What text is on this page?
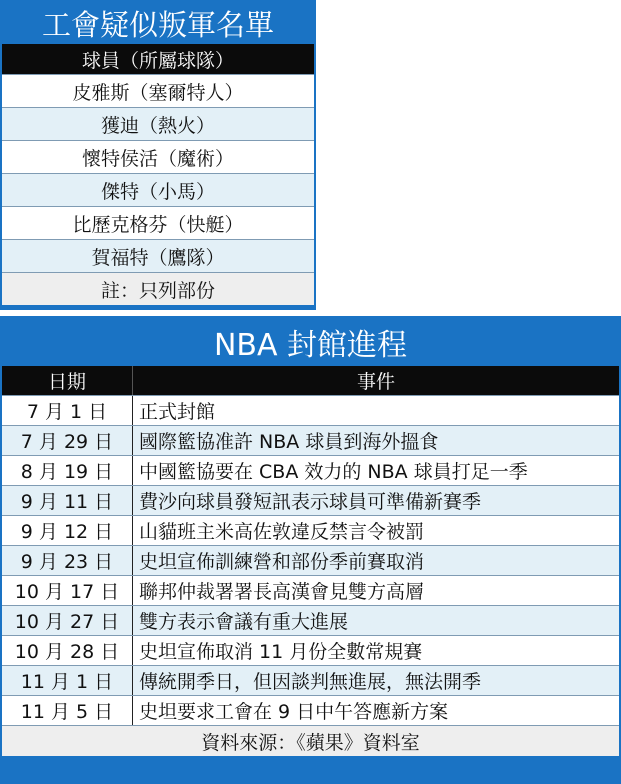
工會疑似叛軍名單
球員（所屬球隊）
皮雅斯（塞爾特人）
獲迪（熱火）
懷特侯活（魔術）
傑特（小馬）
比歷克格芬（快艇）
賀福特（鷹隊）
註：只列部份
NBA 封館進程
日期	事件
7 月 1 日	正式封館
7 月 29 日	國際籃協准許 NBA 球員到海外搵食
8 月 19 日	中國籃協要在 CBA 效力的 NBA 球員打足一季
9 月 11 日	費沙向球員發短訊表示球員可準備新賽季
9 月 12 日	山貓班主米高佐敦違反禁言令被罰
9 月 23 日	史坦宣佈訓練營和部份季前賽取消
10 月 17 日	聯邦仲裁署署長高漢會見雙方高層
10 月 27 日	雙方表示會議有重大進展
10 月 28 日	史坦宣佈取消 11 月份全數常規賽
11 月 1 日	傳統開季日，但因談判無進展，無法開季
11 月 5 日	史坦要求工會在 9 日中午答應新方案
資料來源：《蘋果》資料室
